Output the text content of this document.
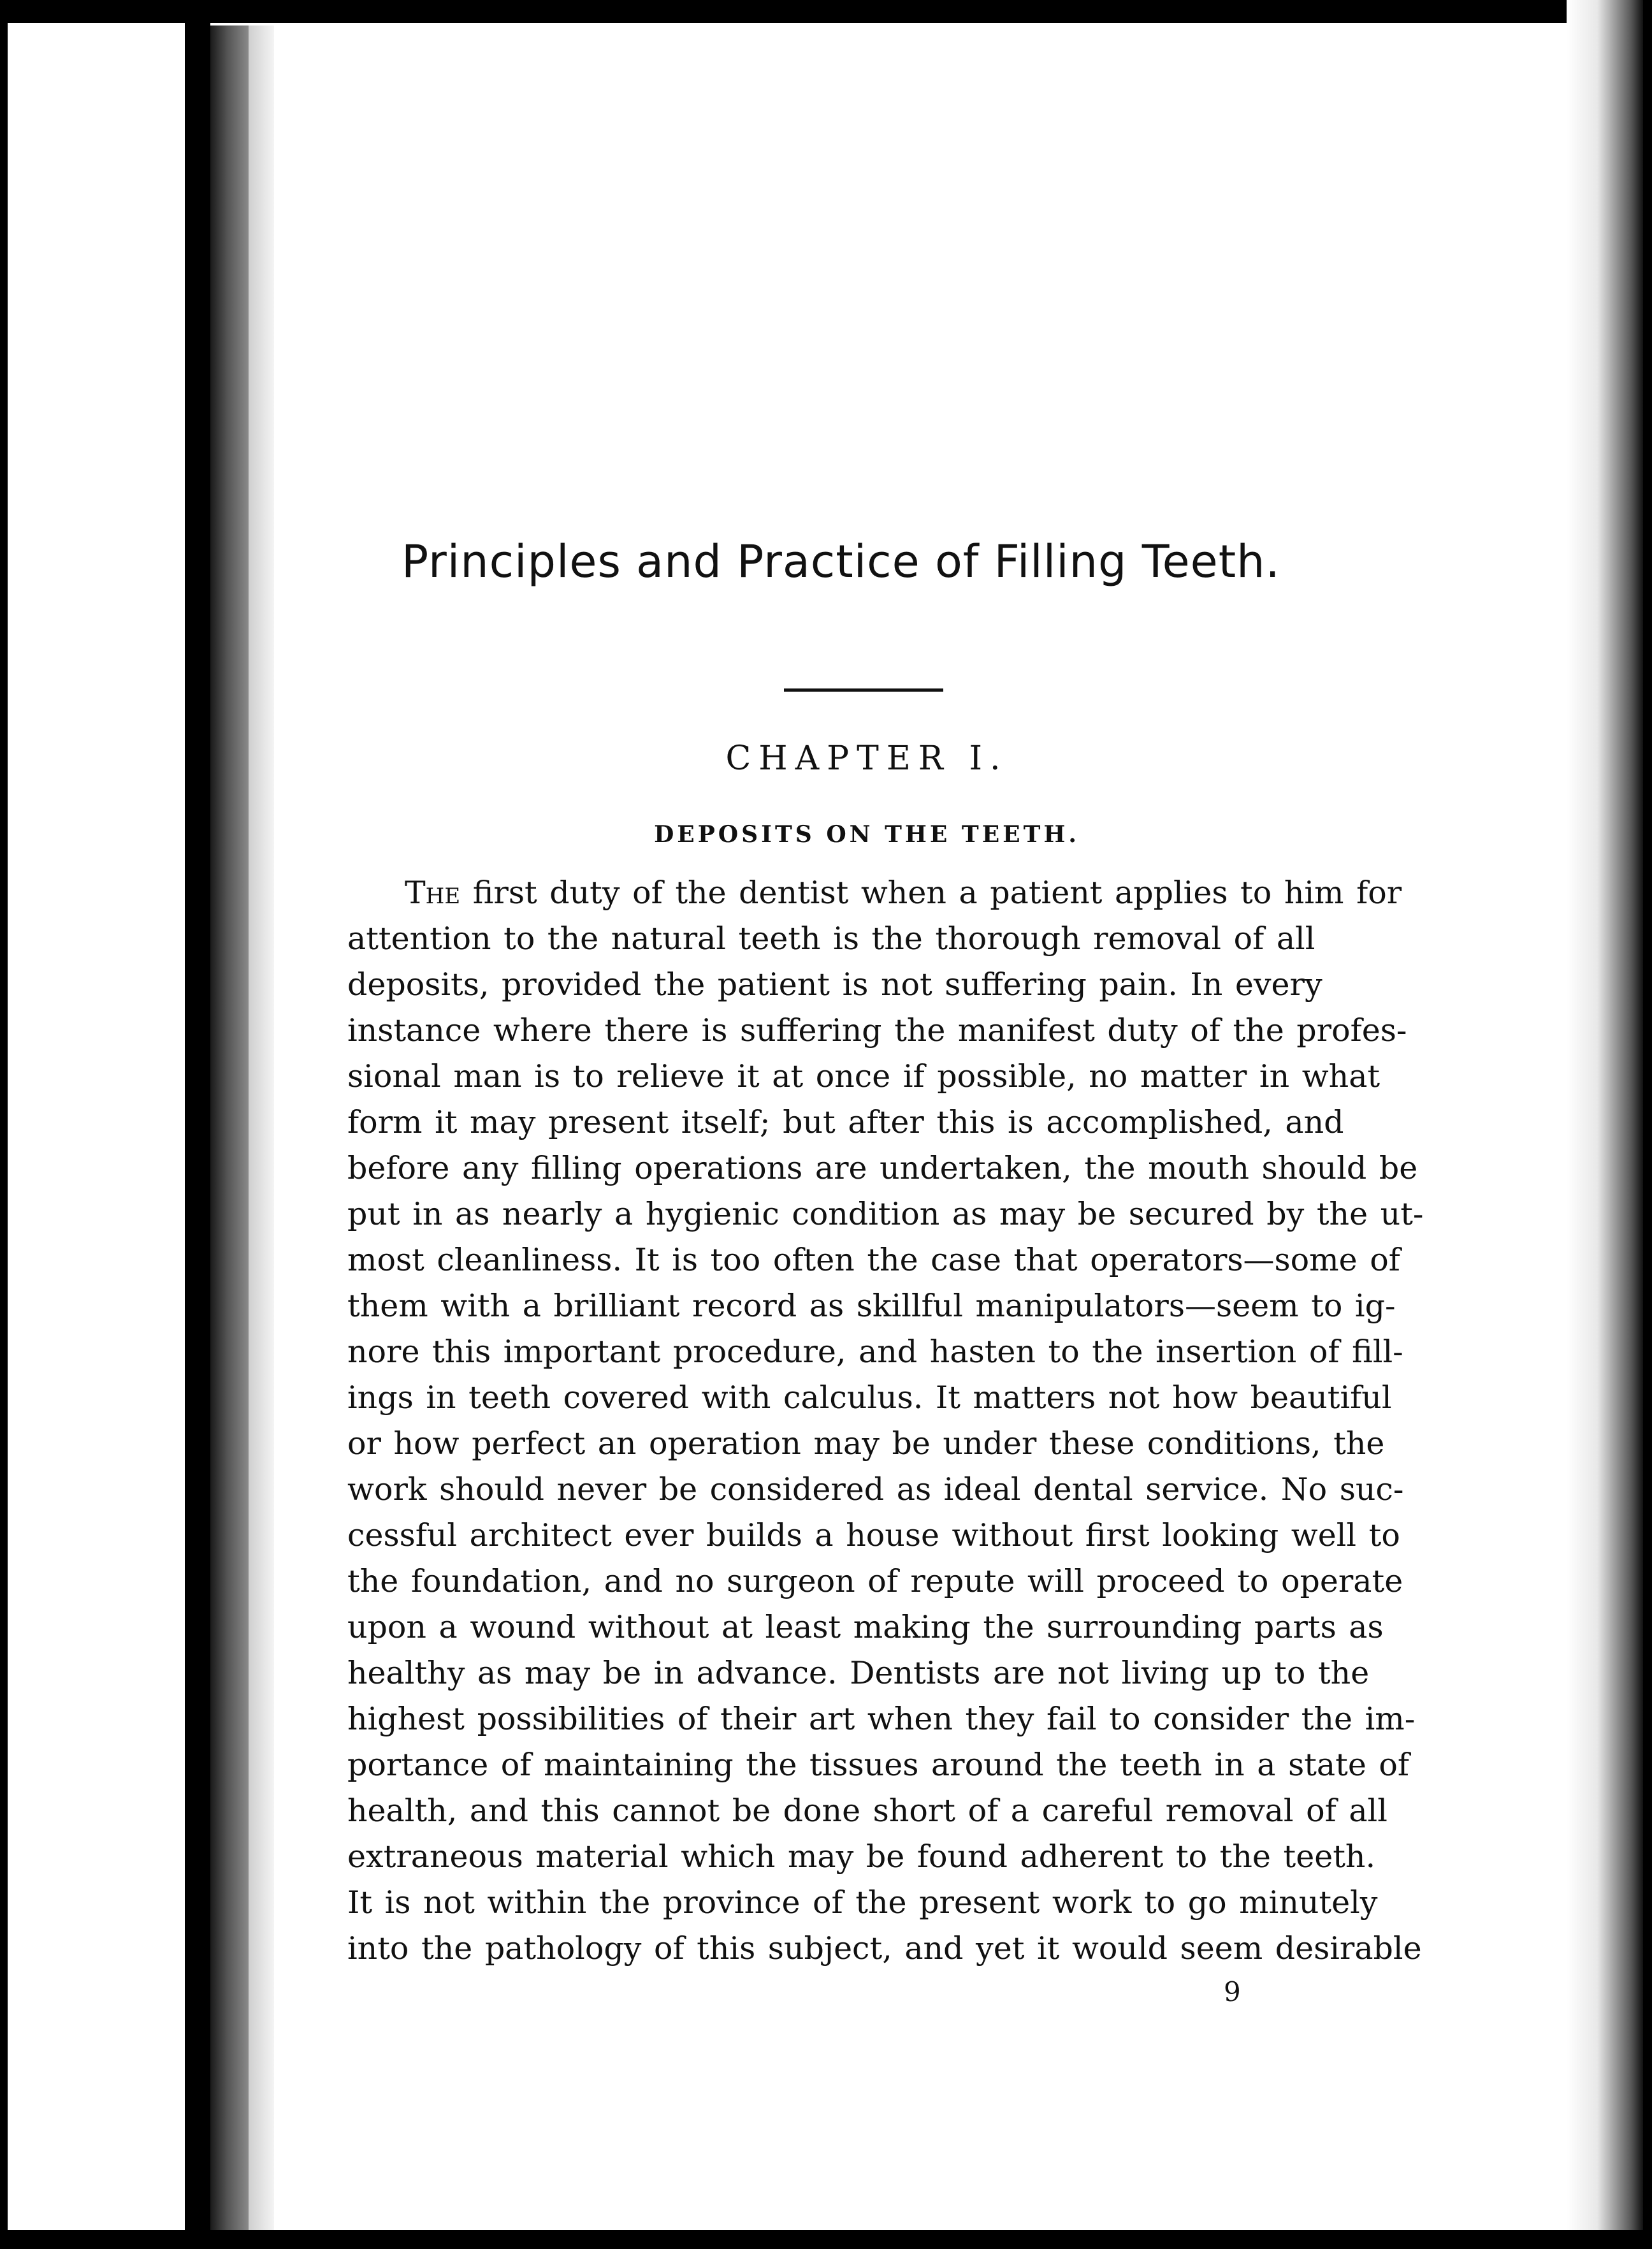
Principles and Practice of Filling Teeth.
CHAPTER I.
DEPOSITS ON THE TEETH.

The first duty of the dentist when a patient applies to him for
attention to the natural teeth is the thorough removal of all
deposits, provided the patient is not suffering pain. In every
instance where there is suffering the manifest duty of the profes-
sional man is to relieve it at once if possible, no matter in what
form it may present itself; but after this is accomplished, and
before any filling operations are undertaken, the mouth should be
put in as nearly a hygienic condition as may be secured by the ut-
most cleanliness. It is too often the case that operators—some of
them with a brilliant record as skillful manipulators—seem to ig-
nore this important procedure, and hasten to the insertion of fill-
ings in teeth covered with calculus. It matters not how beautiful
or how perfect an operation may be under these conditions, the
work should never be considered as ideal dental service. No suc-
cessful architect ever builds a house without first looking well to
the foundation, and no surgeon of repute will proceed to operate
upon a wound without at least making the surrounding parts as
healthy as may be in advance. Dentists are not living up to the
highest possibilities of their art when they fail to consider the im-
portance of maintaining the tissues around the teeth in a state of
health, and this cannot be done short of a careful removal of all
extraneous material which may be found adherent to the teeth.
It is not within the province of the present work to go minutely
into the pathology of this subject, and yet it would seem desirable

9
